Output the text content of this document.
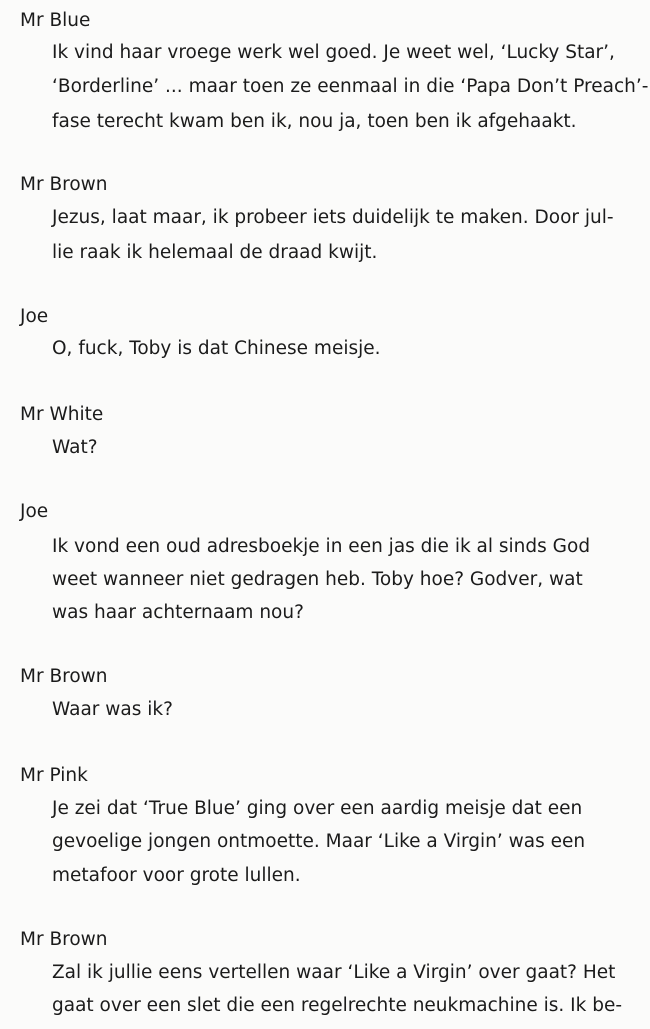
Mr Blue
Ik vind haar vroege werk wel goed. Je weet wel, ‘Lucky Star’,
‘Borderline’ ... maar toen ze eenmaal in die ‘Papa Don’t Preach’-
fase terecht kwam ben ik, nou ja, toen ben ik afgehaakt.
Mr Brown
Jezus, laat maar, ik probeer iets duidelijk te maken. Door jul-
lie raak ik helemaal de draad kwijt.
Joe
O, fuck, Toby is dat Chinese meisje.
Mr White
Wat?
Joe
Ik vond een oud adresboekje in een jas die ik al sinds God
weet wanneer niet gedragen heb. Toby hoe? Godver, wat
was haar achternaam nou?
Mr Brown
Waar was ik?
Mr Pink
Je zei dat ‘True Blue’ ging over een aardig meisje dat een
gevoelige jongen ontmoette. Maar ‘Like a Virgin’ was een
metafoor voor grote lullen.
Mr Brown
Zal ik jullie eens vertellen waar ‘Like a Virgin’ over gaat? Het
gaat over een slet die een regelrechte neukmachine is. Ik be-
